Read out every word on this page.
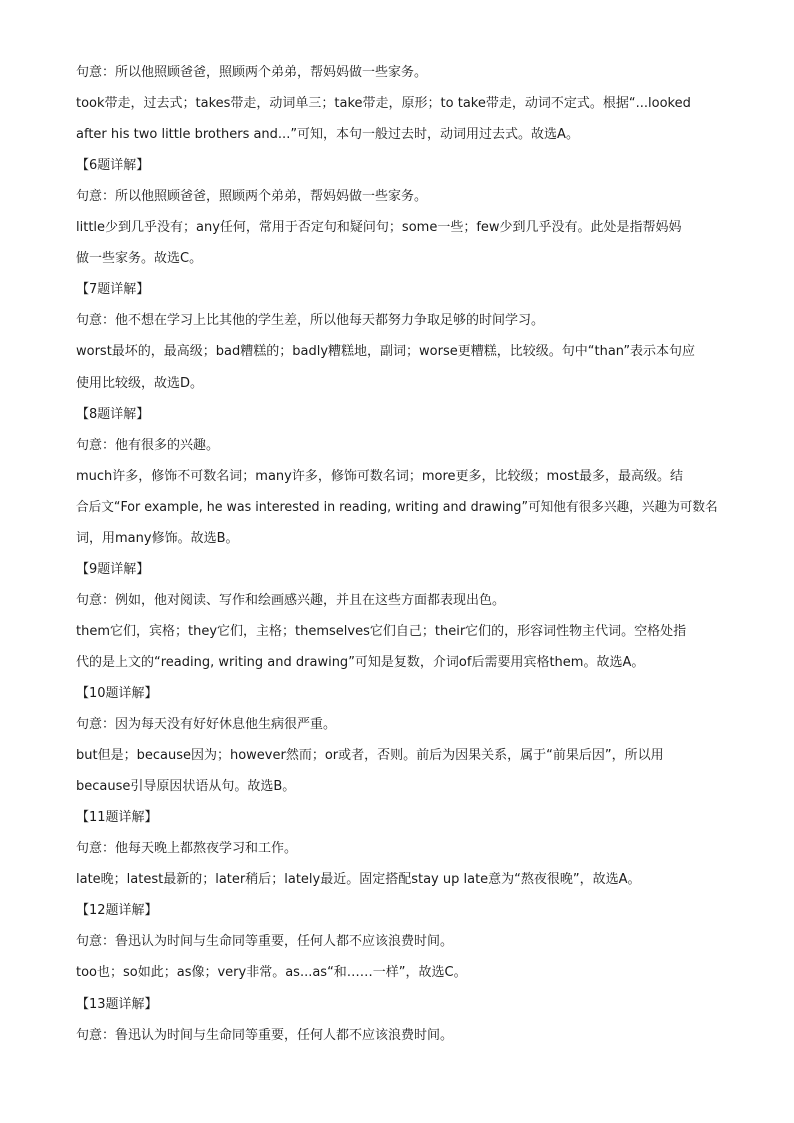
句意：所以他照顾爸爸，照顾两个弟弟，帮妈妈做一些家务。
took带走，过去式；takes带走，动词单三；take带走，原形；to take带走，动词不定式。根据“...looked
after his two little brothers and...”可知，本句一般过去时，动词用过去式。故选A。
【6题详解】
句意：所以他照顾爸爸，照顾两个弟弟，帮妈妈做一些家务。
little少到几乎没有；any任何，常用于否定句和疑问句；some一些；few少到几乎没有。此处是指帮妈妈
做一些家务。故选C。
【7题详解】
句意：他不想在学习上比其他的学生差，所以他每天都努力争取足够的时间学习。
worst最坏的，最高级；bad糟糕的；badly糟糕地，副词；worse更糟糕，比较级。句中“than”表示本句应
使用比较级，故选D。
【8题详解】
句意：他有很多的兴趣。
much许多，修饰不可数名词；many许多，修饰可数名词；more更多，比较级；most最多，最高级。结
合后文“For example, he was interested in reading, writing and drawing”可知他有很多兴趣，兴趣为可数名
词，用many修饰。故选B。
【9题详解】
句意：例如，他对阅读、写作和绘画感兴趣，并且在这些方面都表现出色。
them它们，宾格；they它们，主格；themselves它们自己；their它们的，形容词性物主代词。空格处指
代的是上文的“reading, writing and drawing”可知是复数，介词of后需要用宾格them。故选A。
【10题详解】
句意：因为每天没有好好休息他生病很严重。
but但是；because因为；however然而；or或者，否则。前后为因果关系，属于“前果后因”，所以用
because引导原因状语从句。故选B。
【11题详解】
句意：他每天晚上都熬夜学习和工作。
late晚；latest最新的；later稍后；lately最近。固定搭配stay up late意为“熬夜很晚”，故选A。
【12题详解】
句意：鲁迅认为时间与生命同等重要，任何人都不应该浪费时间。
too也；so如此；as像；very非常。as...as“和……一样”，故选C。
【13题详解】
句意：鲁迅认为时间与生命同等重要，任何人都不应该浪费时间。
